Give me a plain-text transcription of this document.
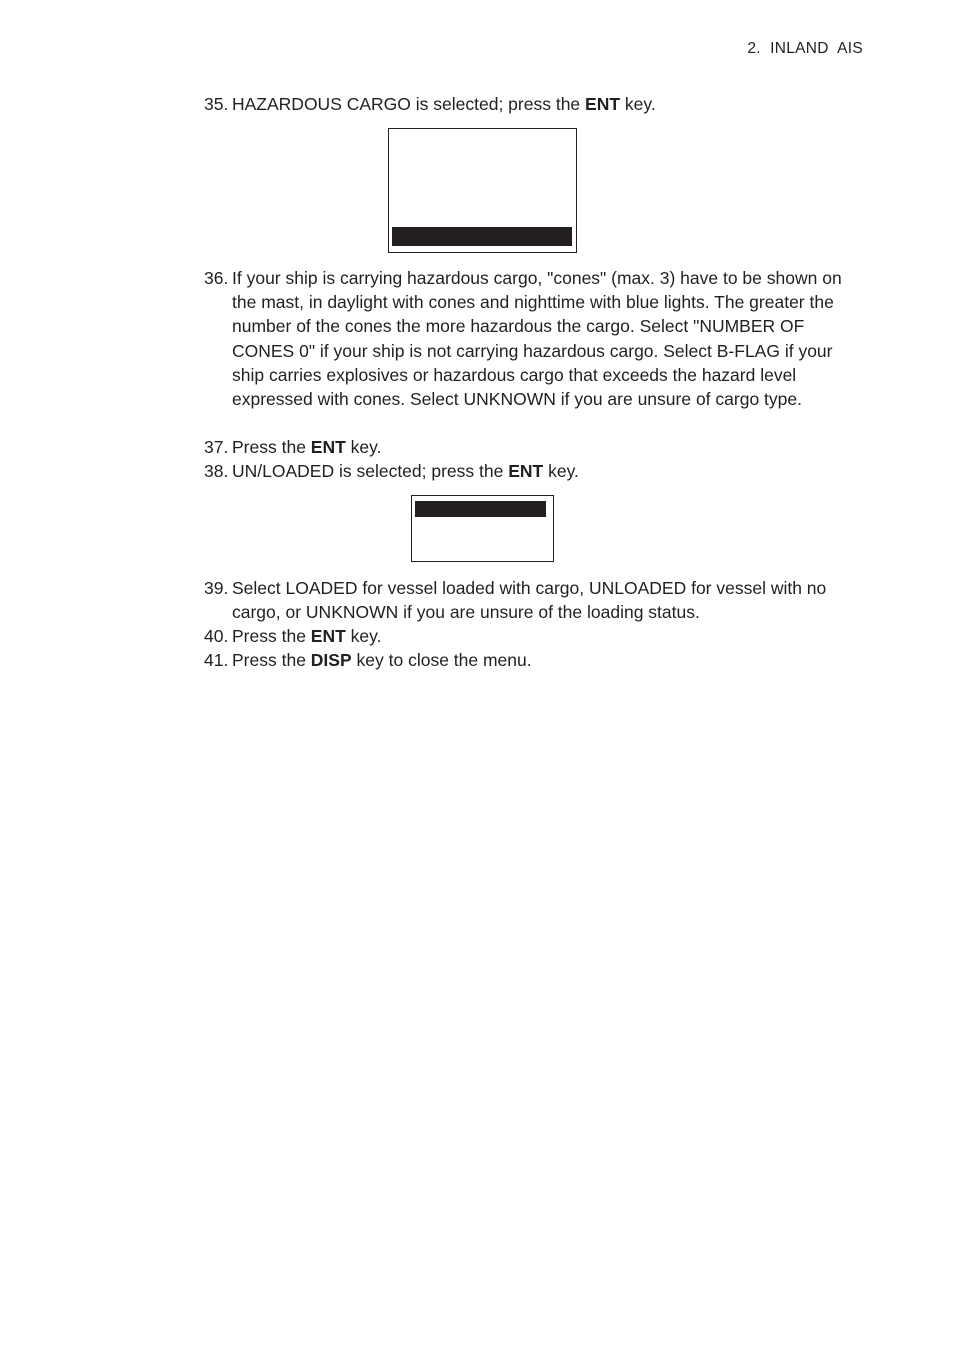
2.  INLAND  AIS
35. HAZARDOUS CARGO is selected; press the ENT key.
36. If your ship is carrying hazardous cargo, "cones" (max. 3) have to be shown on the mast, in daylight with cones and nighttime with blue lights. The greater the number of the cones the more hazardous the cargo. Select "NUMBER OF CONES 0" if your ship is not carrying hazardous cargo. Select B-FLAG if your ship carries explosives or hazardous cargo that exceeds the hazard level expressed with cones. Select UNKNOWN if you are unsure of cargo type.
37. Press the ENT key.
38. UN/LOADED is selected; press the ENT key.
39. Select LOADED for vessel loaded with cargo, UNLOADED for vessel with no cargo, or UNKNOWN if you are unsure of the loading status.
40. Press the ENT key.
41. Press the DISP key to close the menu.
